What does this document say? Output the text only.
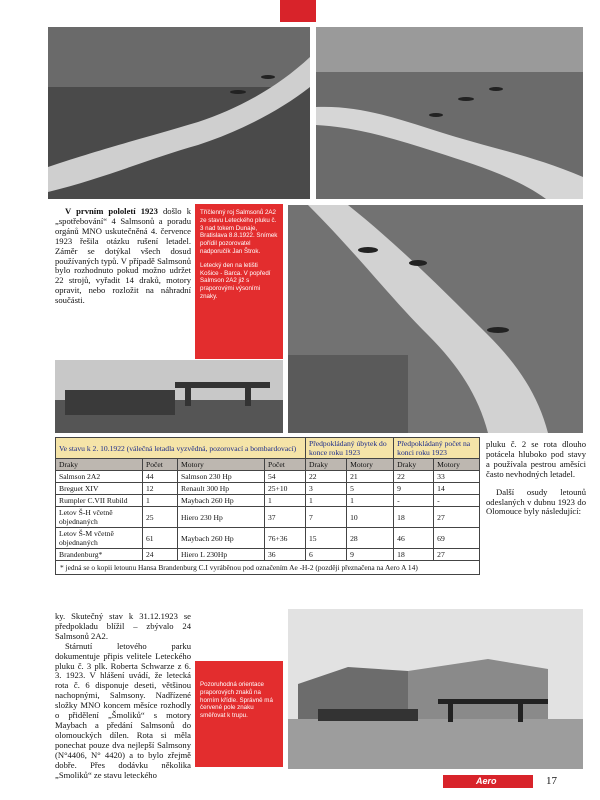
V prvním pololetí 1923 došlo k „spotřebování“ 4 Salmsonů a poradu orgánů MNO uskutečněná 4. července 1923 řešila otázku rušení letadel. Záměr se dotýkal všech dosud používaných typů. V případě Salmsonů bylo rozhodnuto pokud možno udržet 22 strojů, vyřadit 14 draků, motory opravit, nebo rozložit na náhradní součásti.

Tříčlenný roj Salmsonů 2A2 ze stavu Leteckého pluku č. 3 nad tokem Dunaje, Bratislava 8.8.1922. Snímek pořídil pozorovatel nadporučík Jan Štrok.

Letecký den na letišti Košice - Barca. V popředí Salmson 2A2 již s praporovými výsoními znaky.

Ve stavu k 2. 10.1922 (válečná letadla vyzvědná, pozorovací a bombardovací)				Předpokládaný úbytek do konce roku 1923		Předpokládaný počet na konci roku 1923	
Draky	Počet	Motory	Počet	Draky	Motory	Draky	Motory
Salmson 2A2	44	Salmson 230 Hp	54	22	21	22	33
Breguet XIV	12	Renault 300 Hp	25+10	3	5	9	14
Rumpler C.VII Rubild	1	Maybach 260 Hp	1	1	1	-	-
Letov Š-H včetně objednaných	25	Hiero 230 Hp	37	7	10	18	27
Letov Š-M včetně objednaných	61	Maybach 260 Hp	76+36	15	28	46	69
Brandenburg*	24	Hiero L 230Hp	36	6	9	18	27
* jedná se o kopii letounu Hansa Brandenburg C.I vyráběnou pod označením Ae -H-2 (později přeznačena na Aero A 14)							

pluku č. 2 se rota dlouho potácela hluboko pod stavy a používala pestrou aměsíci často nevhodných letadel.

Další osudy letounů odeslaných v dubnu 1923 do Olomouce byly následující:

ky. Skutečný stav k 31.12.1923 se předpokladu blížil – zbývalo 24 Salmsonů 2A2.

Stárnutí letového parku dokumentuje připis velitele Leteckého pluku č. 3 plk. Roberta Schwarze z 6. 3. 1923. V hlášení uvádí, že letecká rota č. 6 disponuje deseti, většinou nachopnými, Salmsony. Nadřízené složky MNO koncem měsíce rozhodly o přidělení „Šmoliků“ s motory Maybach a předání Salmsonů do olomouckých dílen. Rota si měla ponechat pouze dva nejlepší Salmsony (N°4406, N° 4420) a to bylo zřejmě dobře. Přes dodávku několika „Smoliků“ ze stavu leteckého

Pozoruhodná orientace praporových znaků na horním křídle. Správně má červené pole znaku směřovat k trupu.

Aero	17
